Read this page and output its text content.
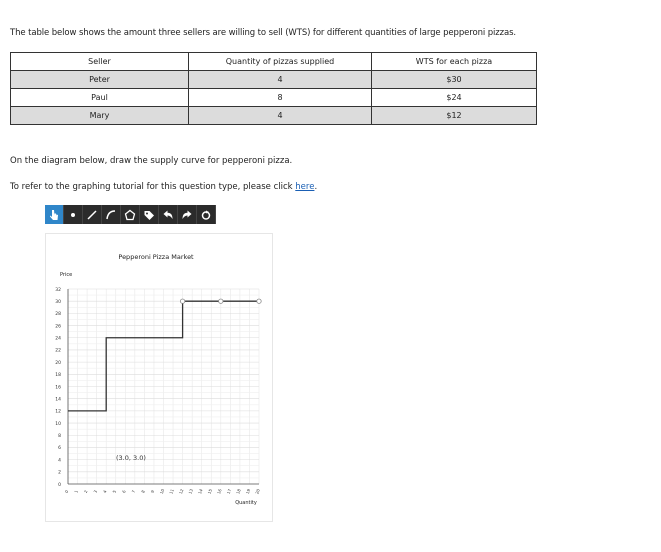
The table below shows the amount three sellers are willing to sell (WTS) for different quantities of large pepperoni pizzas.
Seller	Quantity of pizzas supplied	WTS for each pizza
Peter	4	$30
Paul	8	$24
Mary	4	$12
On the diagram below, draw the supply curve for pepperoni pizza.
To refer to the graphing tutorial for this question type, please click here.
Pepperoni Pizza Market
Price
Quantity
0
2
4
6
8
10
12
14
16
18
20
22
24
26
28
30
32
0 1 2 3 4 5 6 7 8 9 10 11 12 13 14 15 16 17 18 19 20
(3.0, 3.0)
